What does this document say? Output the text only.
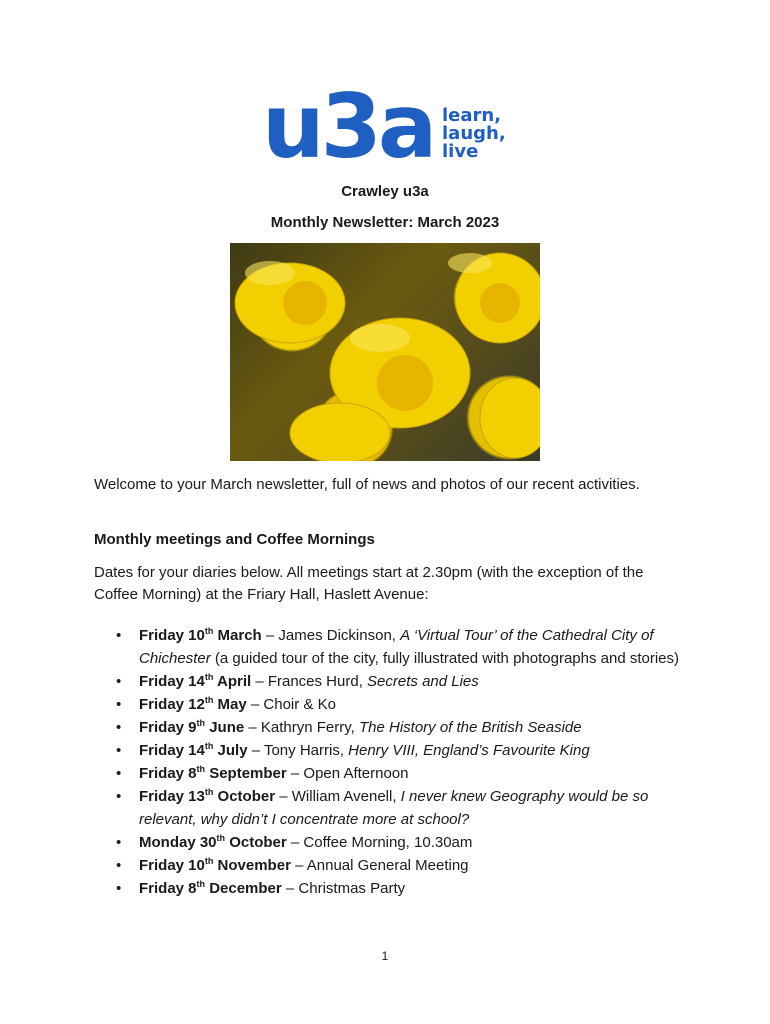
u3a learn,
laugh,
live
Crawley u3a
Monthly Newsletter: March 2023
Welcome to your March newsletter, full of news and photos of our recent activities.
Monthly meetings and Coffee Mornings
Dates for your diaries below. All meetings start at 2.30pm (with the exception of the Coffee Morning) at the Friary Hall, Haslett Avenue:
• Friday 10th March – James Dickinson, A ‘Virtual Tour’ of the Cathedral City of Chichester (a guided tour of the city, fully illustrated with photographs and stories)
• Friday 14th April – Frances Hurd, Secrets and Lies
• Friday 12th May – Choir & Ko
• Friday 9th June – Kathryn Ferry, The History of the British Seaside
• Friday 14th July – Tony Harris, Henry VIII, England’s Favourite King
• Friday 8th September – Open Afternoon
• Friday 13th October – William Avenell, I never knew Geography would be so relevant, why didn’t I concentrate more at school?
• Monday 30th October – Coffee Morning, 10.30am
• Friday 10th November – Annual General Meeting
• Friday 8th December – Christmas Party
1
